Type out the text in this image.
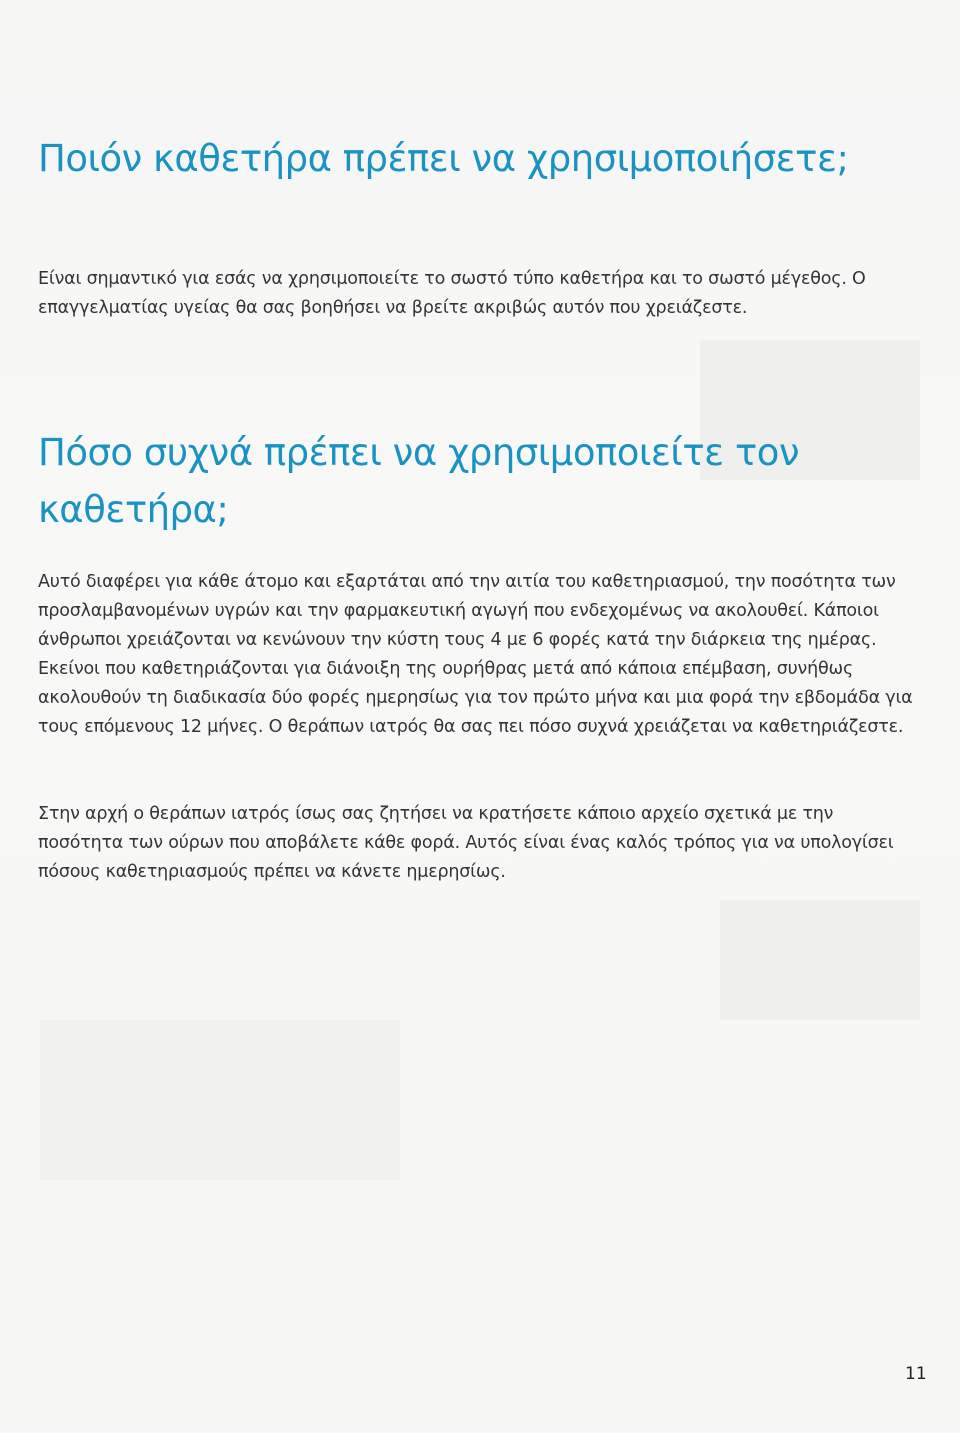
Ποιόν καθετήρα πρέπει να χρησιμοποιήσετε;

Είναι σημαντικό για εσάς να χρησιμοποιείτε το σωστό τύπο καθετήρα και το σωστό μέγεθος. Ο επαγγελματίας υγείας θα σας βοηθήσει να βρείτε ακριβώς αυτόν που χρειάζεστε.

Πόσο συχνά πρέπει να χρησιμοποιείτε τον καθετήρα;

Αυτό διαφέρει για κάθε άτομο και εξαρτάται από την αιτία του καθετηριασμού, την ποσότητα των προσλαμβανομένων υγρών και την φαρμακευτική αγωγή που ενδεχομένως να ακολουθεί. Κάποιοι άνθρωποι χρειάζονται να κενώνουν την κύστη τους 4 με 6 φορές κατά την διάρκεια της ημέρας. Εκείνοι που καθετηριάζονται για διάνοιξη της ουρήθρας μετά από κάποια επέμβαση, συνήθως ακολουθούν τη διαδικασία δύο φορές ημερησίως για τον πρώτο μήνα και μια φορά την εβδομάδα για τους επόμενους 12 μήνες. Ο θεράπων ιατρός θα σας πει πόσο συχνά χρειάζεται να καθετηριάζεστε.

Στην αρχή ο θεράπων ιατρός ίσως σας ζητήσει να κρατήσετε κάποιο αρχείο σχετικά με την ποσότητα των ούρων που αποβάλετε κάθε φορά. Αυτός είναι ένας καλός τρόπος για να υπολογίσει πόσους καθετηριασμούς πρέπει να κάνετε ημερησίως.

11
